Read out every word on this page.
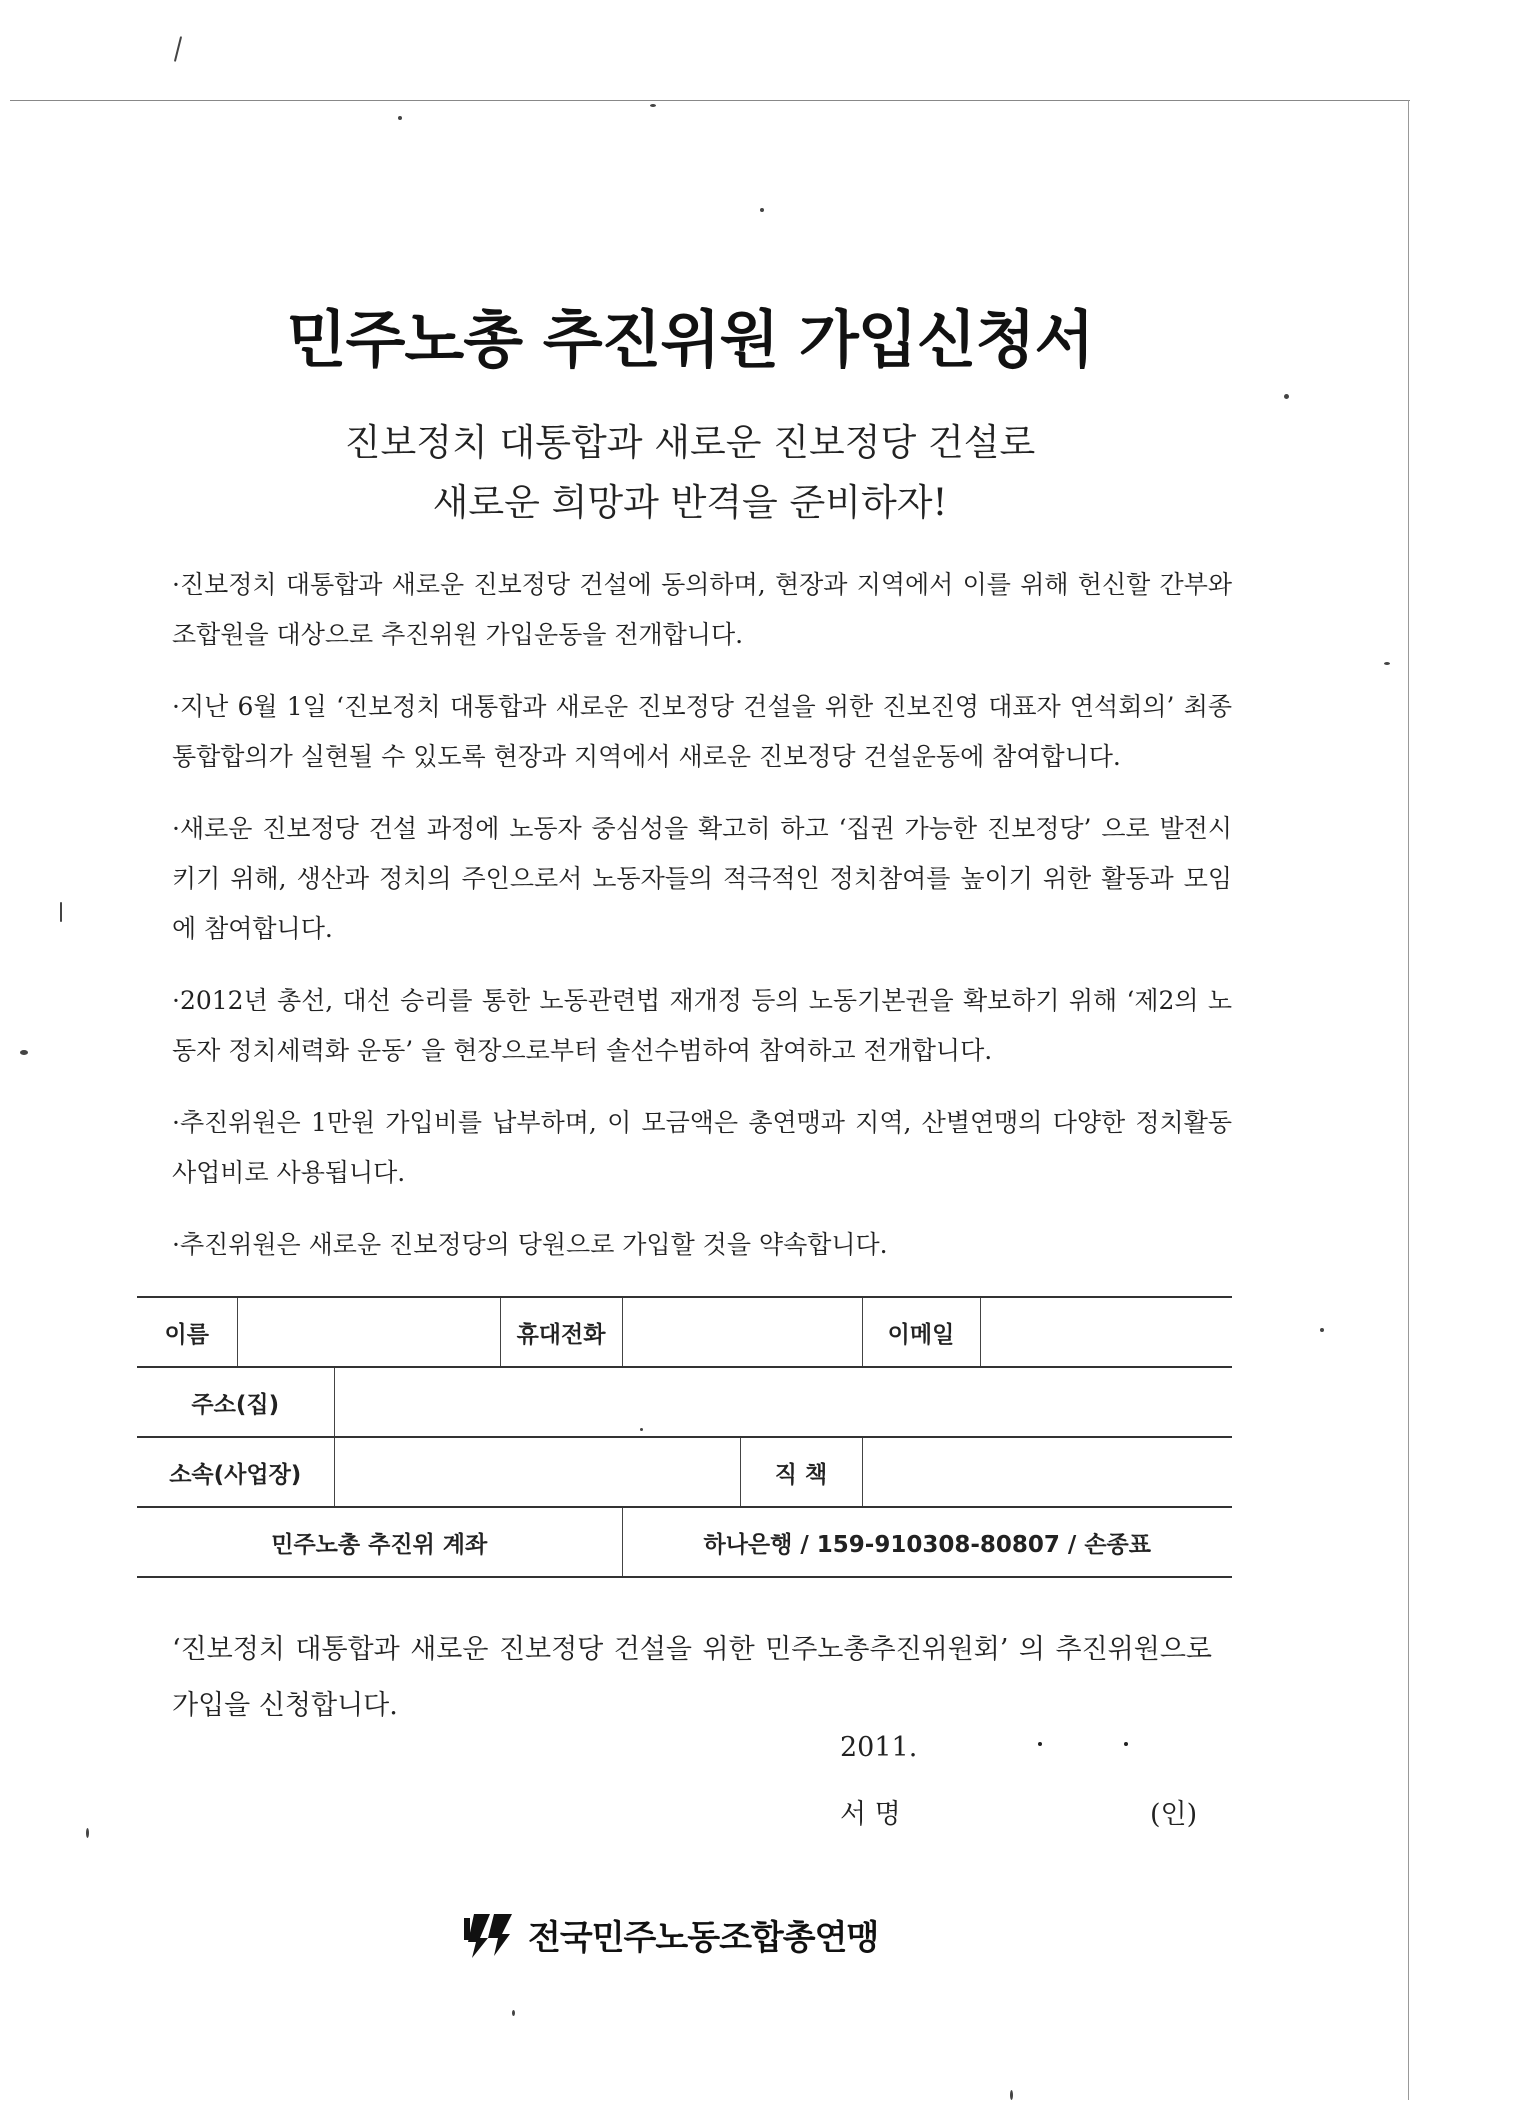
민주노총 추진위원 가입신청서
진보정치 대통합과 새로운 진보정당 건설로
새로운 희망과 반격을 준비하자!

·진보정치 대통합과 새로운 진보정당 건설에 동의하며, 현장과 지역에서 이를 위해 헌신할 간부와 조합원을 대상으로 추진위원 가입운동을 전개합니다.

·지난 6월 1일 ‘진보정치 대통합과 새로운 진보정당 건설을 위한 진보진영 대표자 연석회의’ 최종 통합합의가 실현될 수 있도록 현장과 지역에서 새로운 진보정당 건설운동에 참여합니다.

·새로운 진보정당 건설 과정에 노동자 중심성을 확고히 하고 ‘집권 가능한 진보정당’ 으로 발전시키기 위해, 생산과 정치의 주인으로서 노동자들의 적극적인 정치참여를 높이기 위한 활동과 모임에 참여합니다.

·2012년 총선, 대선 승리를 통한 노동관련법 재개정 등의 노동기본권을 확보하기 위해 ‘제2의 노동자 정치세력화 운동’ 을 현장으로부터 솔선수범하여 참여하고 전개합니다.

·추진위원은 1만원 가입비를 납부하며, 이 모금액은 총연맹과 지역, 산별연맹의 다양한 정치활동 사업비로 사용됩니다.

·추진위원은 새로운 진보정당의 당원으로 가입할 것을 약속합니다.

이름			휴대전화			이메일	
주소(집)							
소속(사업장)					직 책		
민주노총 추진위 계좌				하나은행 / 159-910308-80807 / 손종표			
‘진보정치 대통합과 새로운 진보정당 건설을 위한 민주노총추진위원회’ 의 추진위원으로 가입을 신청합니다.
2011.
서 명	(인)
전국민주노동조합총연맹
